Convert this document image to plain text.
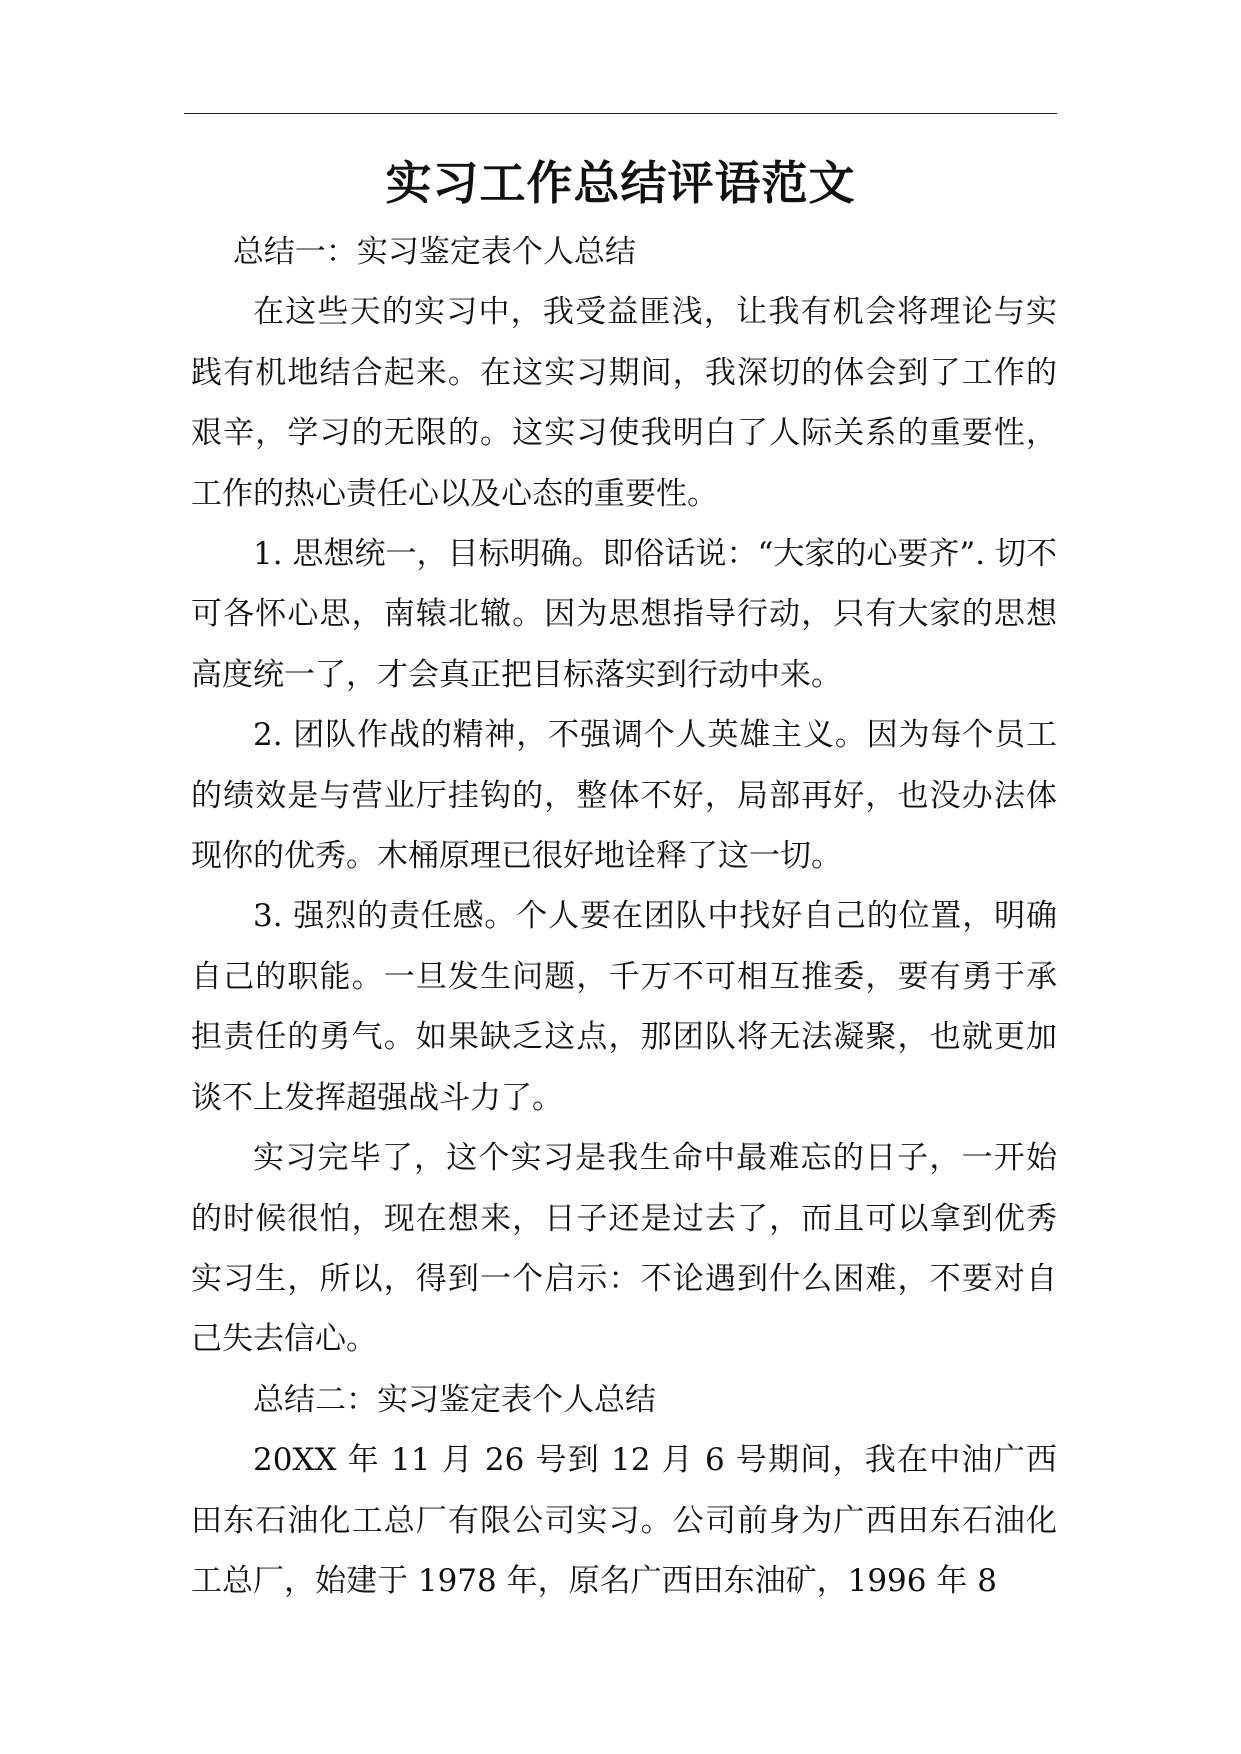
实习工作总结评语范文

总结一：实习鉴定表个人总结

在这些天的实习中，我受益匪浅，让我有机会将理论与实践有机地结合起来。在这实习期间，我深切的体会到了工作的艰辛，学习的无限的。这实习使我明白了人际关系的重要性，工作的热心责任心以及心态的重要性。

1. 思想统一，目标明确。即俗话说：“大家的心要齐”. 切不可各怀心思，南辕北辙。因为思想指导行动，只有大家的思想高度统一了，才会真正把目标落实到行动中来。

2. 团队作战的精神，不强调个人英雄主义。因为每个员工的绩效是与营业厅挂钩的，整体不好，局部再好，也没办法体现你的优秀。木桶原理已很好地诠释了这一切。

3. 强烈的责任感。个人要在团队中找好自己的位置，明确自己的职能。一旦发生问题，千万不可相互推委，要有勇于承担责任的勇气。如果缺乏这点，那团队将无法凝聚，也就更加谈不上发挥超强战斗力了。

实习完毕了，这个实习是我生命中最难忘的日子，一开始的时候很怕，现在想来，日子还是过去了，而且可以拿到优秀实习生，所以，得到一个启示：不论遇到什么困难，不要对自己失去信心。

总结二：实习鉴定表个人总结

20XX 年 11 月 26 号到 12 月 6 号期间，我在中油广西田东石油化工总厂有限公司实习。公司前身为广西田东石油化工总厂，始建于 1978 年，原名广西田东油矿，1996 年 8
